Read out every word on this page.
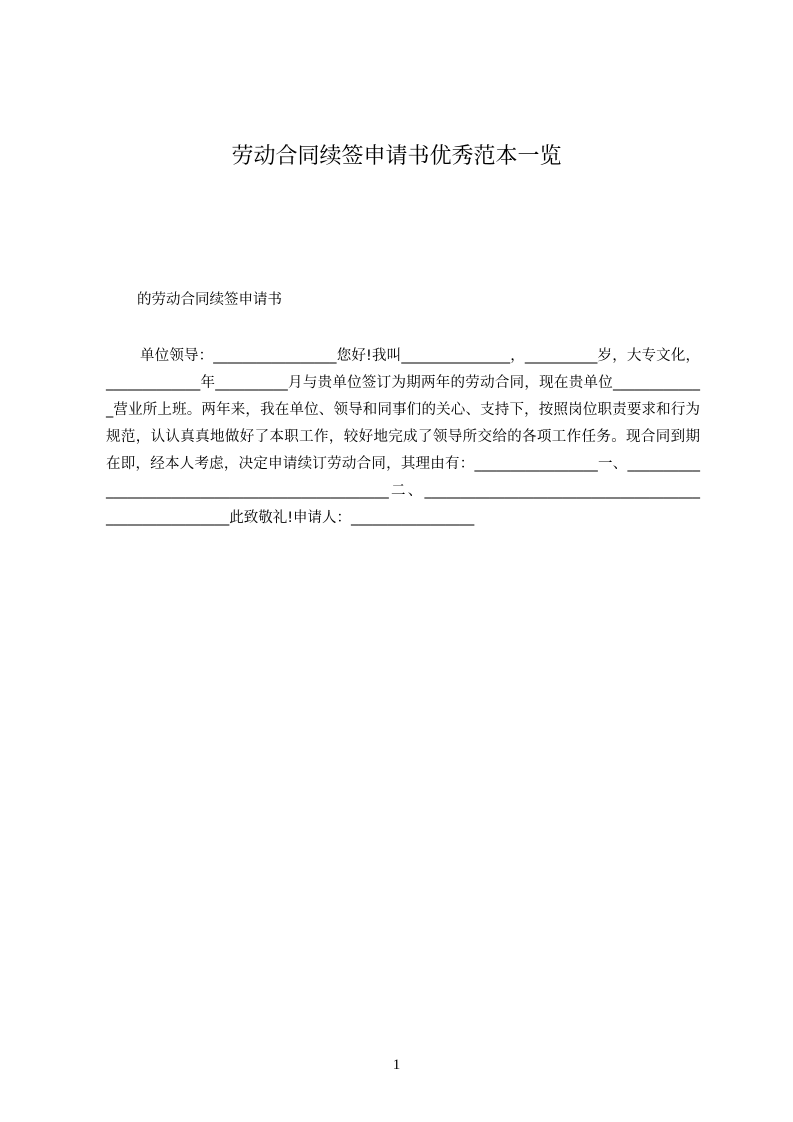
劳动合同续签申请书优秀范本一览
的劳动合同续签申请书
单位领导：_________________您好!我叫_______________，__________岁，大专文化，_____________年__________月与贵单位签订为期两年的劳动合同，现在贵单位_____________营业所上班。两年来，我在单位、领导和同事们的关心、支持下，按照岗位职责要求和行为规范，认认真真地做好了本职工作，较好地完成了领导所交给的各项工作任务。现合同到期在即，经本人考虑，决定申请续订劳动合同，其理由有：_________________一、_________________________________________________二、_______________________________________________________此致敬礼!申请人：_________________
1
